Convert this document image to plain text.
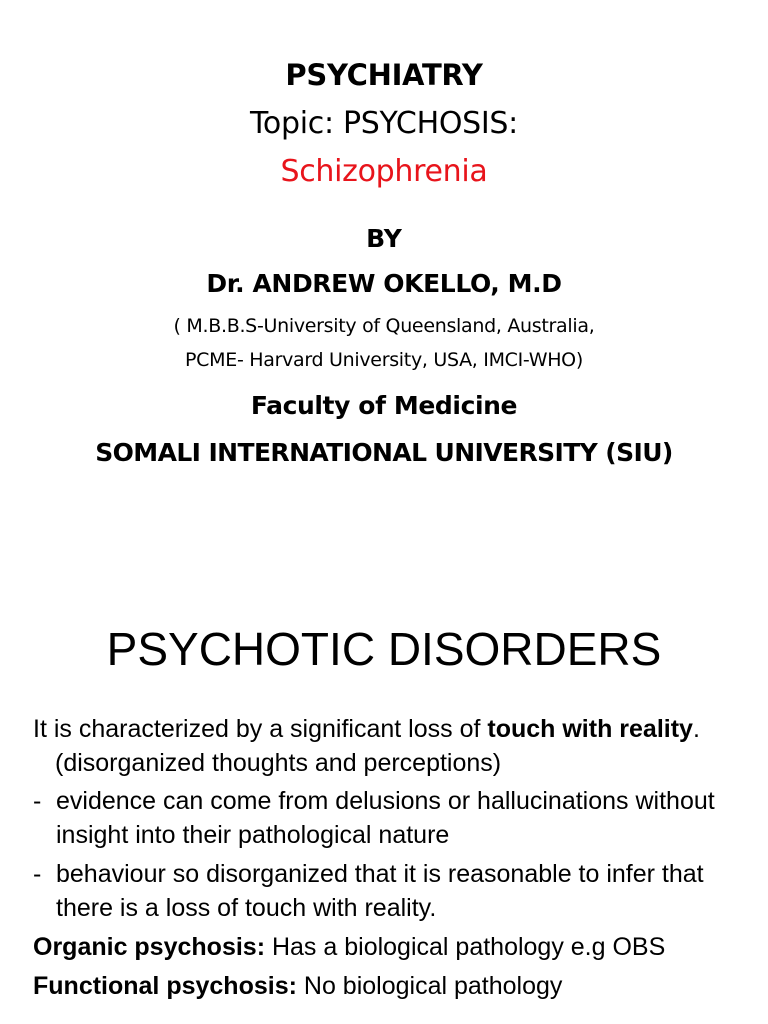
PSYCHIATRY
Topic: PSYCHOSIS:
Schizophrenia
BY
Dr. ANDREW OKELLO, M.D
( M.B.B.S-University of Queensland, Australia,
PCME- Harvard University, USA, IMCI-WHO)
Faculty of Medicine
SOMALI INTERNATIONAL UNIVERSITY (SIU)
PSYCHOTIC DISORDERS

It is characterized by a significant loss of touch with reality. (disorganized thoughts and perceptions)

- evidence can come from delusions or hallucinations without insight into their pathological nature
- behaviour so disorganized that it is reasonable to infer that there is a loss of touch with reality.

Organic psychosis: Has a biological pathology e.g OBS

Functional psychosis: No biological pathology
